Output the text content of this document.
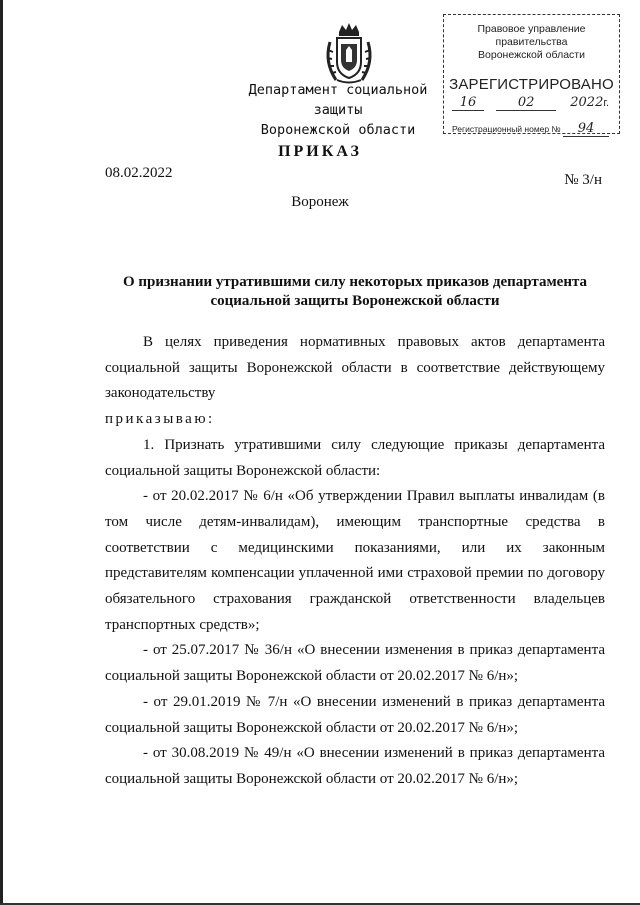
Департамент социальной защиты
Воронежской области
Правовое управление правительства
Воронежской области
ЗАРЕГИСТРИРОВАНО
16	02	2022г.
Регистрационный номер № 94
ПРИКАЗ
08.02.2022	№ 3/н
Воронеж
О признании утратившими силу некоторых приказов департамента социальной защиты Воронежской области

В целях приведения нормативных правовых актов департамента социальной защиты Воронежской области в соответствие действующему законодательству

приказываю:

1. Признать утратившими силу следующие приказы департамента социальной защиты Воронежской области:

- от 20.02.2017 № 6/н «Об утверждении Правил выплаты инвалидам (в том числе детям-инвалидам), имеющим транспортные средства в соответствии с медицинскими показаниями, или их законным представителям компенсации уплаченной ими страховой премии по договору обязательного страхования гражданской ответственности владельцев транспортных средств»;

- от 25.07.2017 № 36/н «О внесении изменения в приказ департамента социальной защиты Воронежской области от 20.02.2017 № 6/н»;

- от 29.01.2019 № 7/н «О внесении изменений в приказ департамента социальной защиты Воронежской области от 20.02.2017 № 6/н»;

- от 30.08.2019 № 49/н «О внесении изменений в приказ департамента социальной защиты Воронежской области от 20.02.2017 № 6/н»;
